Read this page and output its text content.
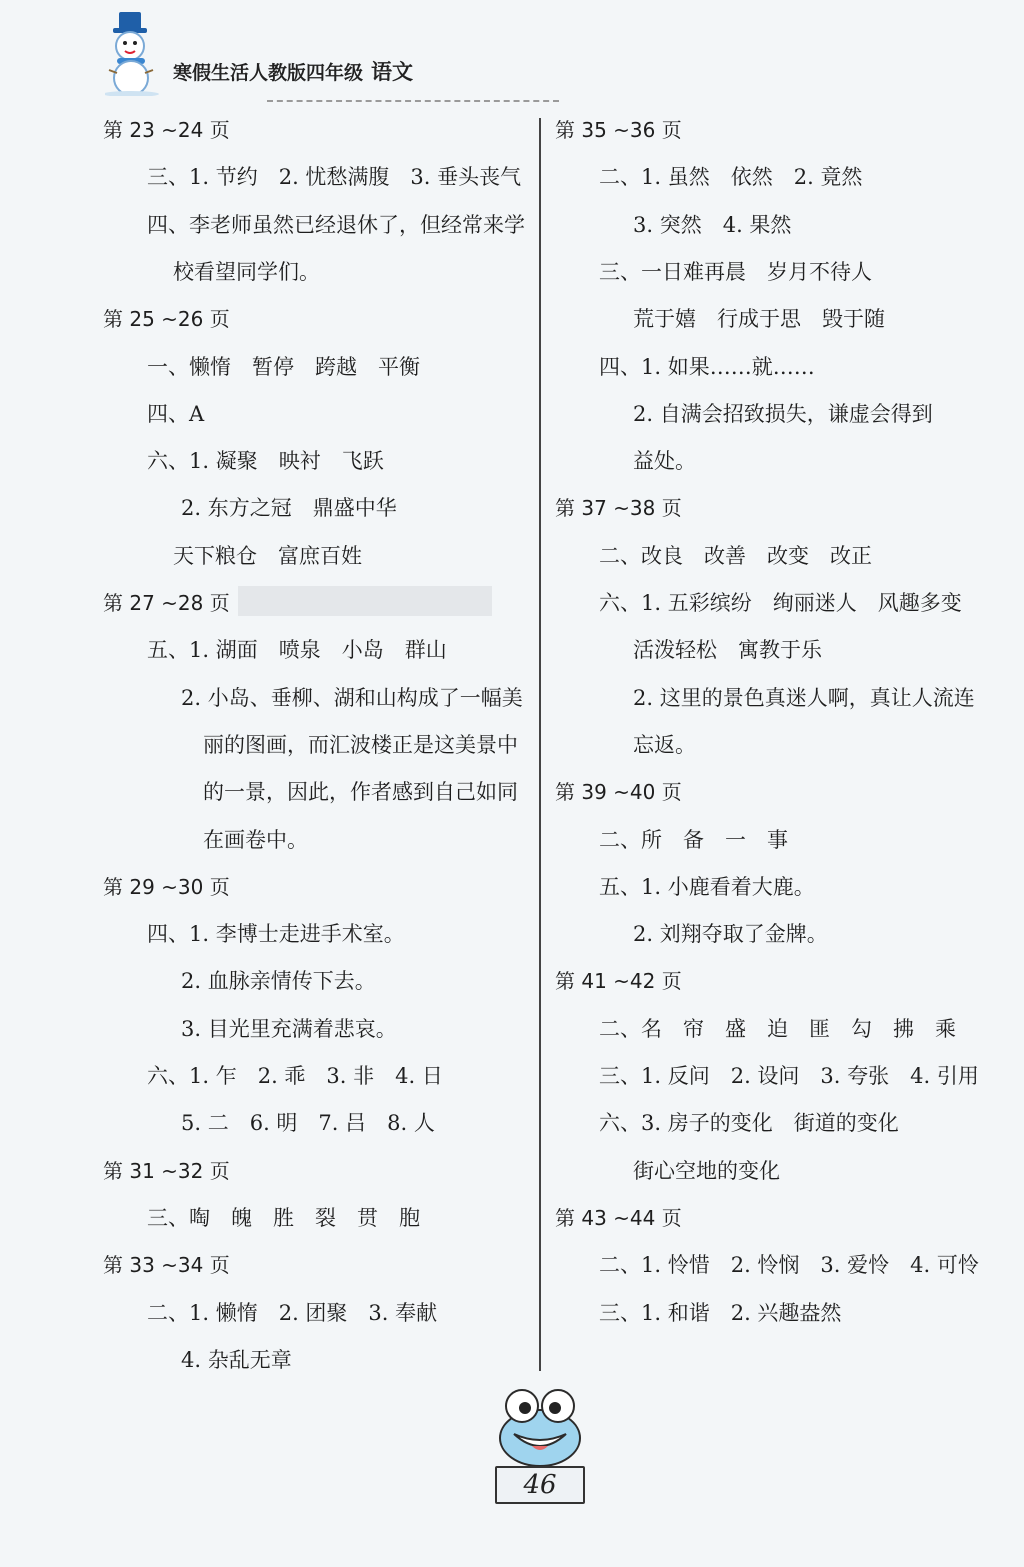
寒假生活人教版四年级 语文
第 23 ~24 页
三、1. 节约　2. 忧愁满腹　3. 垂头丧气
四、李老师虽然已经退休了，但经常来学
校看望同学们。
第 25 ~26 页
一、懒惰　暂停　跨越　平衡
四、A
六、1. 凝聚　映衬　飞跃
2. 东方之冠　鼎盛中华
天下粮仓　富庶百姓
第 27 ~28 页
五、1. 湖面　喷泉　小岛　群山
2. 小岛、垂柳、湖和山构成了一幅美
丽的图画，而汇波楼正是这美景中
的一景，因此，作者感到自己如同
在画卷中。
第 29 ~30 页
四、1. 李博士走进手术室。
2. 血脉亲情传下去。
3. 目光里充满着悲哀。
六、1. 乍　2. 乖　3. 非　4. 日
5. 二　6. 明　7. 吕　8. 人
第 31 ~32 页
三、啕　魄　胜　裂　贯　胞
第 33 ~34 页
二、1. 懒惰　2. 团聚　3. 奉献
4. 杂乱无章
第 35 ~36 页
二、1. 虽然　依然　2. 竟然
3. 突然　4. 果然
三、一日难再晨　岁月不待人
荒于嬉　行成于思　毁于随
四、1. 如果……就……
2. 自满会招致损失，谦虚会得到
益处。
第 37 ~38 页
二、改良　改善　改变　改正
六、1. 五彩缤纷　绚丽迷人　风趣多变
活泼轻松　寓教于乐
2. 这里的景色真迷人啊，真让人流连
忘返。
第 39 ~40 页
二、所　备　一　事
五、1. 小鹿看着大鹿。
2. 刘翔夺取了金牌。
第 41 ~42 页
二、名　帘　盛　迫　匪　勾　拂　乘
三、1. 反问　2. 设问　3. 夸张　4. 引用
六、3. 房子的变化　街道的变化
街心空地的变化
第 43 ~44 页
二、1. 怜惜　2. 怜悯　3. 爱怜　4. 可怜
三、1. 和谐　2. 兴趣盎然
46
